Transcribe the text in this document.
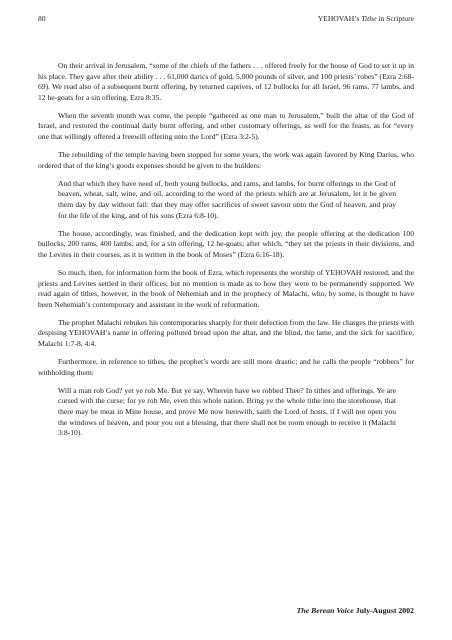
80	YEHOVAH’s Tithe in Scripture

On their arrival in Jerusalem, “some of the chiefs of the fathers . . . offered freely for the house of God to set it up in his place. They gave after their ability . . . 61,000 darics of gold, 5,000 pounds of silver, and 100 priests’ robes” (Ezra 2:68-69). We read also of a subsequent burnt offering, by returned captives, of 12 bullocks for all Israel, 96 rams, 77 lambs, and 12 he-goats for a sin offering, Ezra 8:35.

When the seventh month was come, the people “gathered as one man to Jerusalem,” built the altar of the God of Israel, and restored the continual daily burnt offering, and other customary offerings, as well for the feasts, as for “every one that willingly offered a freewill offering unto the Lord” (Ezra 3:2-5).

The rebuilding of the temple having been stopped for some years, the work was again favored by King Darius, who ordered that of the king’s goods expenses should be given to the builders:

And that which they have need of, both young bullocks, and rams, and lambs, for burnt offerings to the God of heaven, wheat, salt, wine, and oil, according to the word of the priests which are at Jerusalem, let it be given them day by day without fail: that they may offer sacrifices of sweet savour unto the God of heaven, and pray for the life of the king, and of his sons (Ezra 6:8-10).

The house, accordingly, was finished, and the dedication kept with joy, the people offering at the dedication 100 bullocks, 200 rams, 400 lambs, and, for a sin offering, 12 he-goats; after which, “they set the priests in their divisions, and the Levites in their courses, as it is written in the book of Moses” (Ezra 6:16-18).

So much, then, for information form the book of Ezra, which represents the worship of YEHOVAH restored, and the priests and Levites settled in their offices; but no mention is made as to how they were to be permanently supported. We read again of tithes, however, in the book of Nehemiah and in the prophecy of Malachi, who, by some, is thought to have been Nehemiah’s contemporary and assistant in the work of reformation.

The prophet Malachi rebukes his contemporaries sharply for their defection from the law. He charges the priests with despising YEHOVAH’s name in offering polluted bread upon the altar, and the blind, the lame, and the sick for sacrifice, Malachi 1:7-8, 4:4.

Furthermore, in reference to tithes, the prophet’s words are still more drastic; and he calls the people “robbers” for withholding them:

Will a man rob God? yet ye rob Me. But ye say, Wherein have we robbed Thee? In tithes and offerings. Ye are cursed with the curse; for ye rob Me, even this whole nation. Bring ye the whole tithe into the storehouse, that there may be meat in Mine house, and prove Me now herewith, saith the Lord of hosts, if I will not open you the windows of heaven, and pour you out a blessing, that there shall not be room enough to receive it (Malachi 3:8-10).
The Berean Voice July-August 2002
